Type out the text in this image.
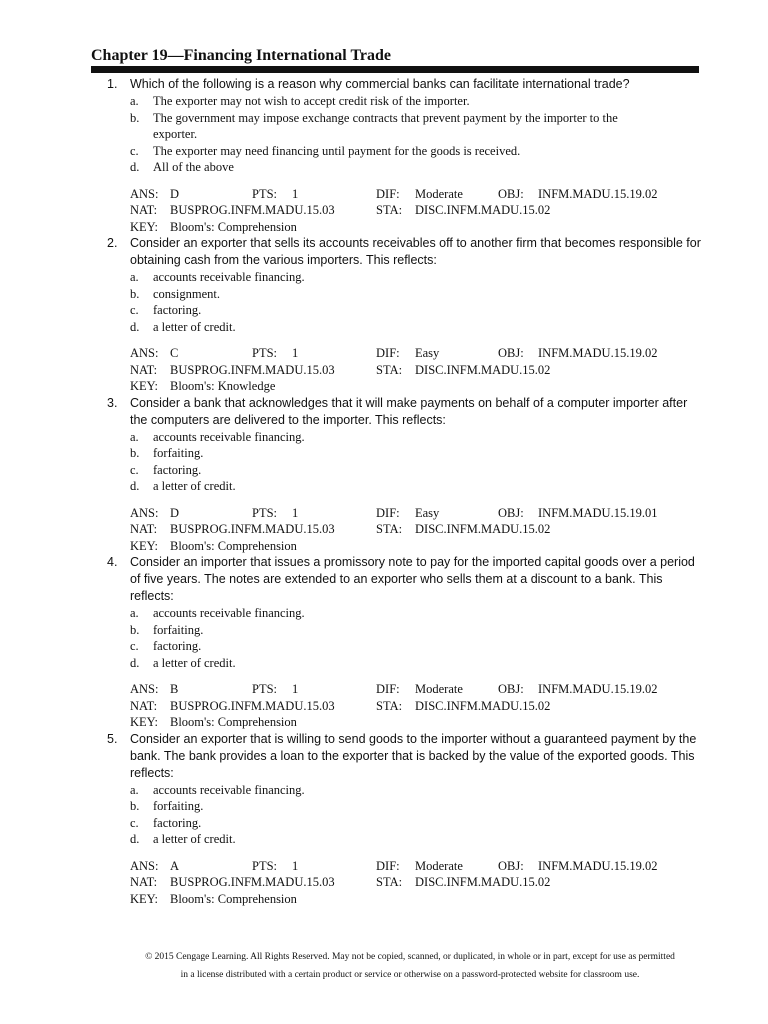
Chapter 19—Financing International Trade
1.	Which of the following is a reason why commercial banks can facilitate international trade?
a.	The exporter may not wish to accept credit risk of the importer.
b.	The government may impose exchange contracts that prevent payment by the importer to the exporter.
c.	The exporter may need financing until payment for the goods is received.
d.	All of the above
ANS: D	PTS: 1	DIF: Moderate	OBJ: INFM.MADU.15.19.02
NAT: BUSPROG.INFM.MADU.15.03	STA: DISC.INFM.MADU.15.02
KEY: Bloom's: Comprehension
2.	Consider an exporter that sells its accounts receivables off to another firm that becomes responsible for obtaining cash from the various importers. This reflects:
a.	accounts receivable financing.
b.	consignment.
c.	factoring.
d.	a letter of credit.
ANS: C	PTS: 1	DIF: Easy	OBJ: INFM.MADU.15.19.02
NAT: BUSPROG.INFM.MADU.15.03	STA: DISC.INFM.MADU.15.02
KEY: Bloom's: Knowledge
3.	Consider a bank that acknowledges that it will make payments on behalf of a computer importer after the computers are delivered to the importer. This reflects:
a.	accounts receivable financing.
b.	forfaiting.
c.	factoring.
d.	a letter of credit.
ANS: D	PTS: 1	DIF: Easy	OBJ: INFM.MADU.15.19.01
NAT: BUSPROG.INFM.MADU.15.03	STA: DISC.INFM.MADU.15.02
KEY: Bloom's: Comprehension
4.	Consider an importer that issues a promissory note to pay for the imported capital goods over a period of five years. The notes are extended to an exporter who sells them at a discount to a bank. This reflects:
a.	accounts receivable financing.
b.	forfaiting.
c.	factoring.
d.	a letter of credit.
ANS: B	PTS: 1	DIF: Moderate	OBJ: INFM.MADU.15.19.02
NAT: BUSPROG.INFM.MADU.15.03	STA: DISC.INFM.MADU.15.02
KEY: Bloom's: Comprehension
5.	Consider an exporter that is willing to send goods to the importer without a guaranteed payment by the bank. The bank provides a loan to the exporter that is backed by the value of the exported goods. This reflects:
a.	accounts receivable financing.
b.	forfaiting.
c.	factoring.
d.	a letter of credit.
ANS: A	PTS: 1	DIF: Moderate	OBJ: INFM.MADU.15.19.02
NAT: BUSPROG.INFM.MADU.15.03	STA: DISC.INFM.MADU.15.02
KEY: Bloom's: Comprehension
© 2015 Cengage Learning. All Rights Reserved. May not be copied, scanned, or duplicated, in whole or in part, except for use as permitted
in a license distributed with a certain product or service or otherwise on a password-protected website for classroom use.
